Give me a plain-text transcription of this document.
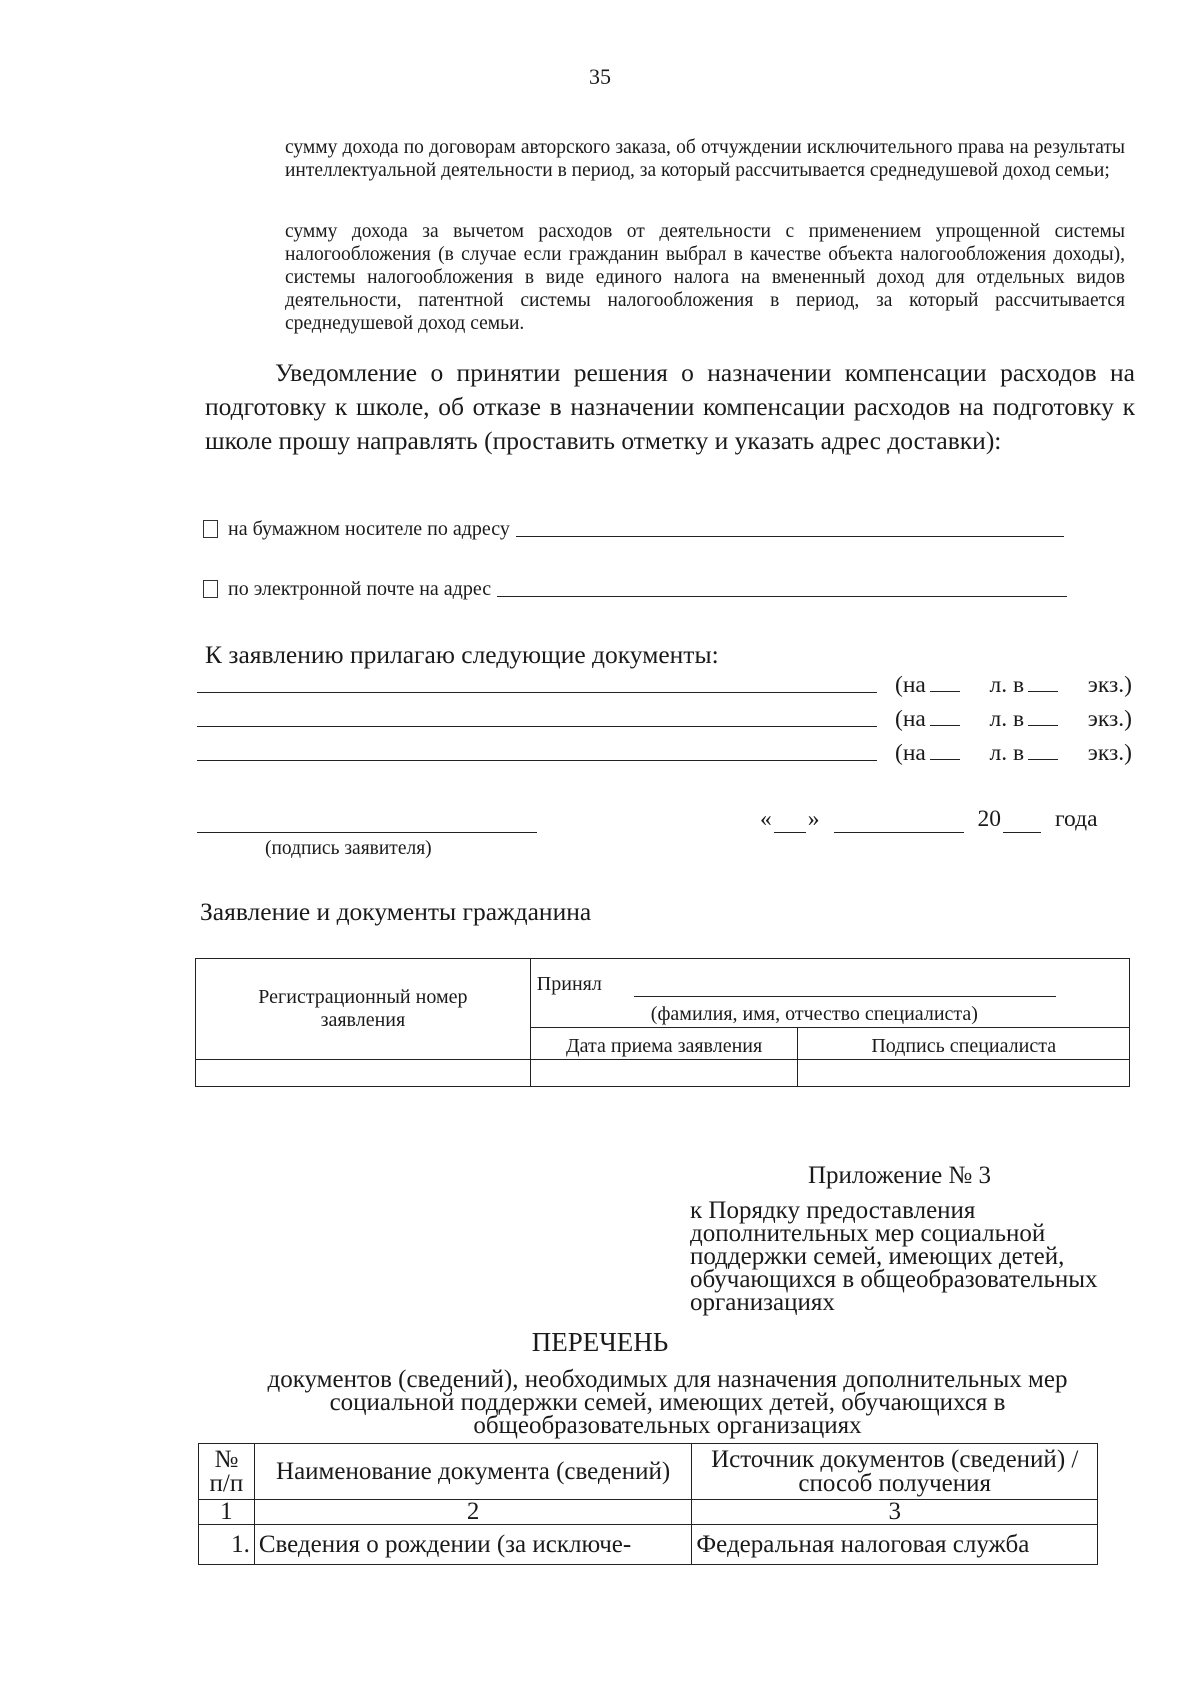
35

сумму дохода по договорам авторского заказа, об отчуждении исключительного права на результаты интеллектуальной деятельности в период, за который рассчитывается среднедушевой доход семьи;

сумму дохода за вычетом расходов от деятельности с применением упрощенной системы налогообложения (в случае если гражданин выбрал в качестве объекта налогообложения доходы), системы налогообложения в виде единого налога на вмененный доход для отдельных видов деятельности, патентной системы налогообложения в период, за который рассчитывается среднедушевой доход семьи.

Уведомление о принятии решения о назначении компенсации расходов на подготовку к школе, об отказе в назначении компенсации расходов на подготовку к школе прошу направлять (проставить отметку и указать адрес доставки):
на бумажном носителе по адресу
по электронной почте на адрес
К заявлению прилагаю следующие документы:
(на	л. в	экз.)
(на	л. в	экз.)
(на	л. в	экз.)
(подпись заявителя)
« »	20 года
Заявление и документы гражданина
Регистрационный номер заявления	Принял
(фамилия, имя, отчество специалиста)	

	Дата приема заявления	Подпись специалиста

Приложение № 3
к Порядку предоставления дополнительных мер социальной поддержки семей, имеющих детей, обучающихся в общеобразовательных организациях
ПЕРЕЧЕНЬ
документов (сведений), необходимых для назначения дополнительных мер социальной поддержки семей, имеющих детей, обучающихся в общеобразовательных организациях
№ п/п	Наименование документа (сведений)	Источник документов (сведений) / способ получения
1	2	3
1.	Сведения о рождении (за исключе-	Федеральная налоговая служба
